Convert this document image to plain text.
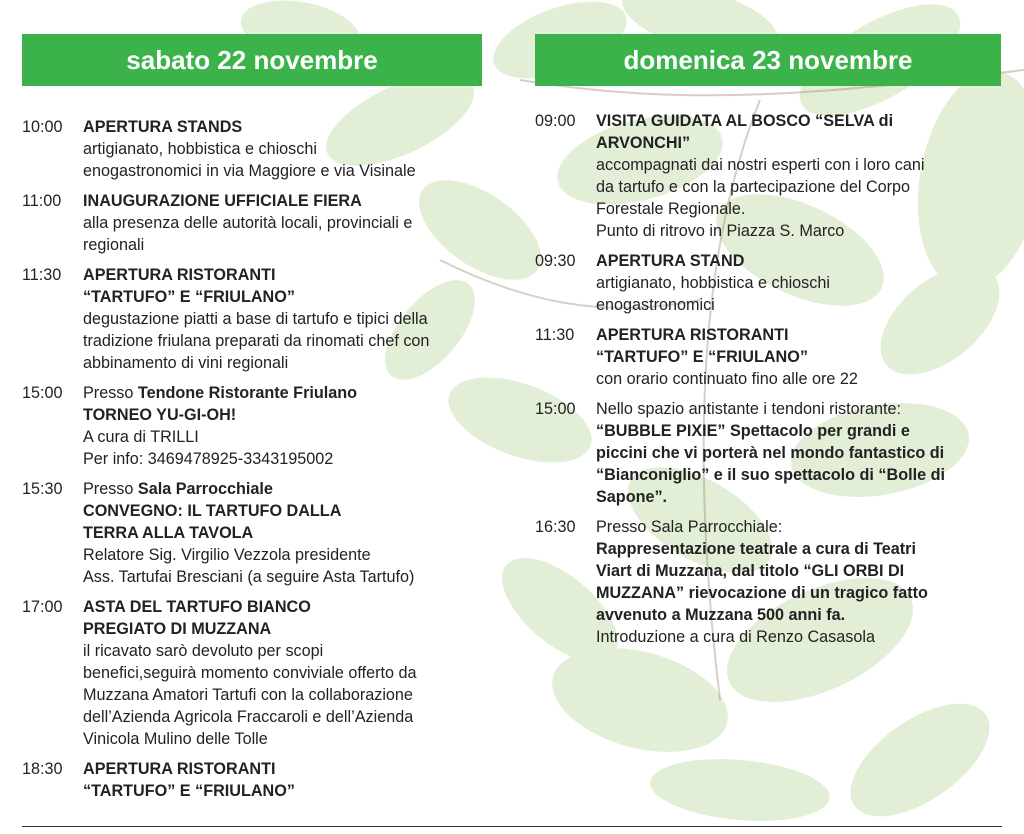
sabato 22 novembre	domenica 23 novembre
10:00	APERTURA STANDS
artigianato, hobbistica e chioschi
enogastronomici in via Maggiore e via Visinale
11:00	INAUGURAZIONE UFFICIALE FIERA
alla presenza delle autorità locali, provinciali e
regionali
11:30	APERTURA RISTORANTI
“TARTUFO” E “FRIULANO”
degustazione piatti a base di tartufo e tipici della
tradizione friulana preparati da rinomati chef con
abbinamento di vini regionali
15:00	Presso Tendone Ristorante Friulano
TORNEO YU-GI-OH!
A cura di TRILLI
Per info: 3469478925-3343195002
15:30	Presso Sala Parrocchiale
CONVEGNO: IL TARTUFO DALLA
TERRA ALLA TAVOLA
Relatore Sig. Virgilio Vezzola presidente
Ass. Tartufai Bresciani (a seguire Asta Tartufo)
17:00	ASTA DEL TARTUFO BIANCO
PREGIATO DI MUZZANA
il ricavato sarò devoluto per scopi
benefici,seguirà momento conviviale offerto da
Muzzana Amatori Tartufi con la collaborazione
dell’Azienda Agricola Fraccaroli e dell’Azienda
Vinicola Mulino delle Tolle
18:30	APERTURA RISTORANTI
“TARTUFO” E “FRIULANO”
09:00	VISITA GUIDATA AL BOSCO “SELVA di
ARVONCHI”
accompagnati dai nostri esperti con i loro cani
da tartufo e con la partecipazione del Corpo
Forestale Regionale.
Punto di ritrovo in Piazza S. Marco
09:30	APERTURA STAND
artigianato, hobbistica e chioschi
enogastronomici
11:30	APERTURA RISTORANTI
“TARTUFO” E “FRIULANO”
con orario continuato fino alle ore 22
15:00	Nello spazio antistante i tendoni ristorante:
“BUBBLE PIXIE” Spettacolo per grandi e
piccini che vi porterà nel mondo fantastico di
“Bianconiglio” e il suo spettacolo di “Bolle di
Sapone”.
16:30	Presso Sala Parrocchiale:
Rappresentazione teatrale a cura di Teatri
Viart di Muzzana, dal titolo “GLI ORBI DI
MUZZANA” rievocazione di un tragico fatto
avvenuto a Muzzana 500 anni fa.
Introduzione a cura di Renzo Casasola
